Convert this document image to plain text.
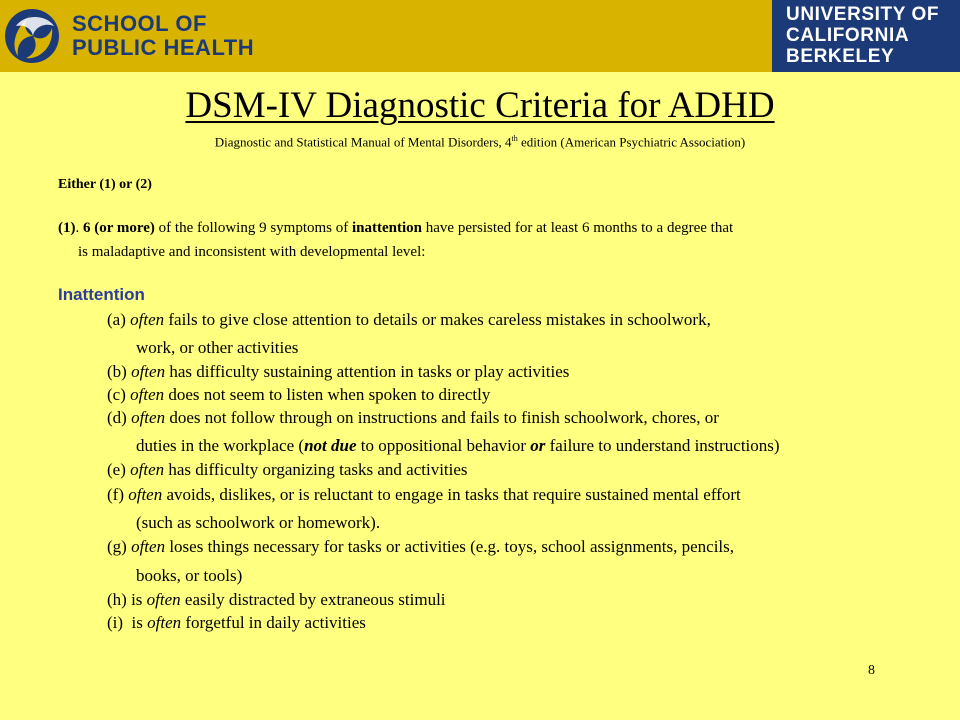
SCHOOL OF
PUBLIC HEALTH
UNIVERSITY OF
CALIFORNIA
BERKELEY
DSM-IV Diagnostic Criteria for ADHD
Diagnostic and Statistical Manual of Mental Disorders, 4th edition (American Psychiatric Association)
Either (1) or (2)
(1). 6 (or more) of the following 9 symptoms of inattention have persisted for at least 6 months to a degree that
is maladaptive and inconsistent with developmental level:
Inattention
(a) often fails to give close attention to details or makes careless mistakes in schoolwork,
work, or other activities
(b) often has difficulty sustaining attention in tasks or play activities
(c) often does not seem to listen when spoken to directly
(d) often does not follow through on instructions and fails to finish schoolwork, chores, or
duties in the workplace (not due to oppositional behavior or failure to understand instructions)
(e) often has difficulty organizing tasks and activities
(f) often avoids, dislikes, or is reluctant to engage in tasks that require sustained mental effort
(such as schoolwork or homework).
(g) often loses things necessary for tasks or activities (e.g. toys, school assignments, pencils,
books, or tools)
(h) is often easily distracted by extraneous stimuli
(i)  is often forgetful in daily activities
8
